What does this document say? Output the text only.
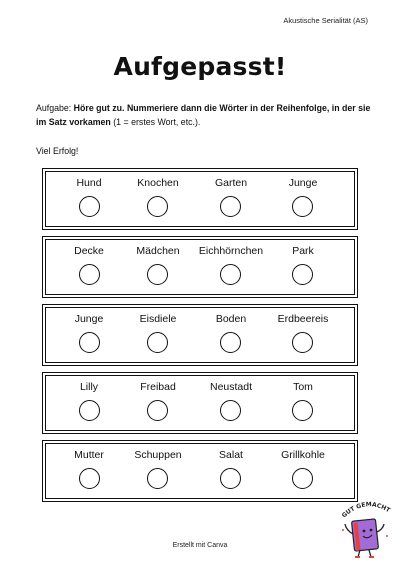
Akustische Serialität (AS)
Aufgepasst!
Aufgabe: Höre gut zu. Nummeriere dann die Wörter in der Reihenfolge, in der sie im Satz vorkamen (1 = erstes Wort, etc.).
Viel Erfolg!
Hund	Knochen	Garten	Junge
Decke	Mädchen	Eichhörnchen	Park
Junge	Eisdiele	Boden	Erdbeereis
Lilly	Freibad	Neustadt	Tom
Mutter	Schuppen	Salat	Grillkohle
Erstellt mit Canva
GUT GEMACHT
